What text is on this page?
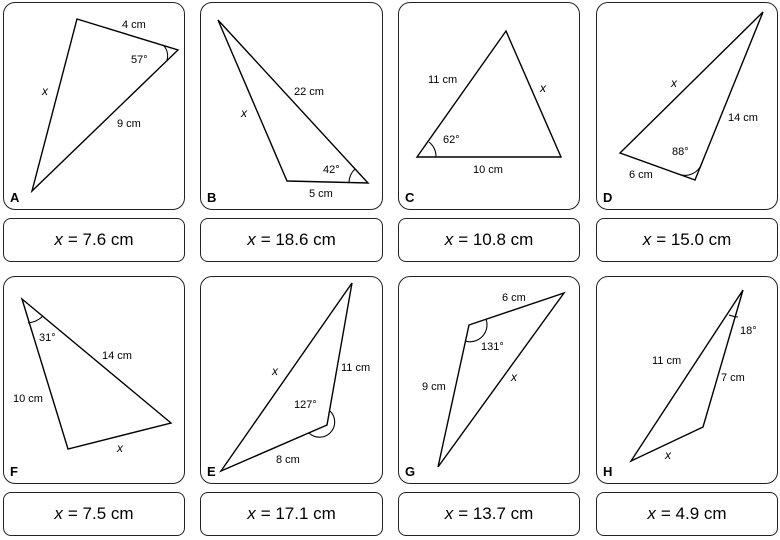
4 cm
57°
x
9 cm
A
x = 7.6 cm
22 cm
x
42°
5 cm
B
x = 18.6 cm
11 cm
x
62°
10 cm
C
x = 10.8 cm
x
14 cm
88°
6 cm
D
x = 15.0 cm
31°
14 cm
10 cm
x
F
x = 7.5 cm
x	11 cm
127°
8 cm
E
x = 17.1 cm
6 cm
131°
9 cm
x
G
x = 13.7 cm
18°
11 cm
7 cm
x
H
x = 4.9 cm
